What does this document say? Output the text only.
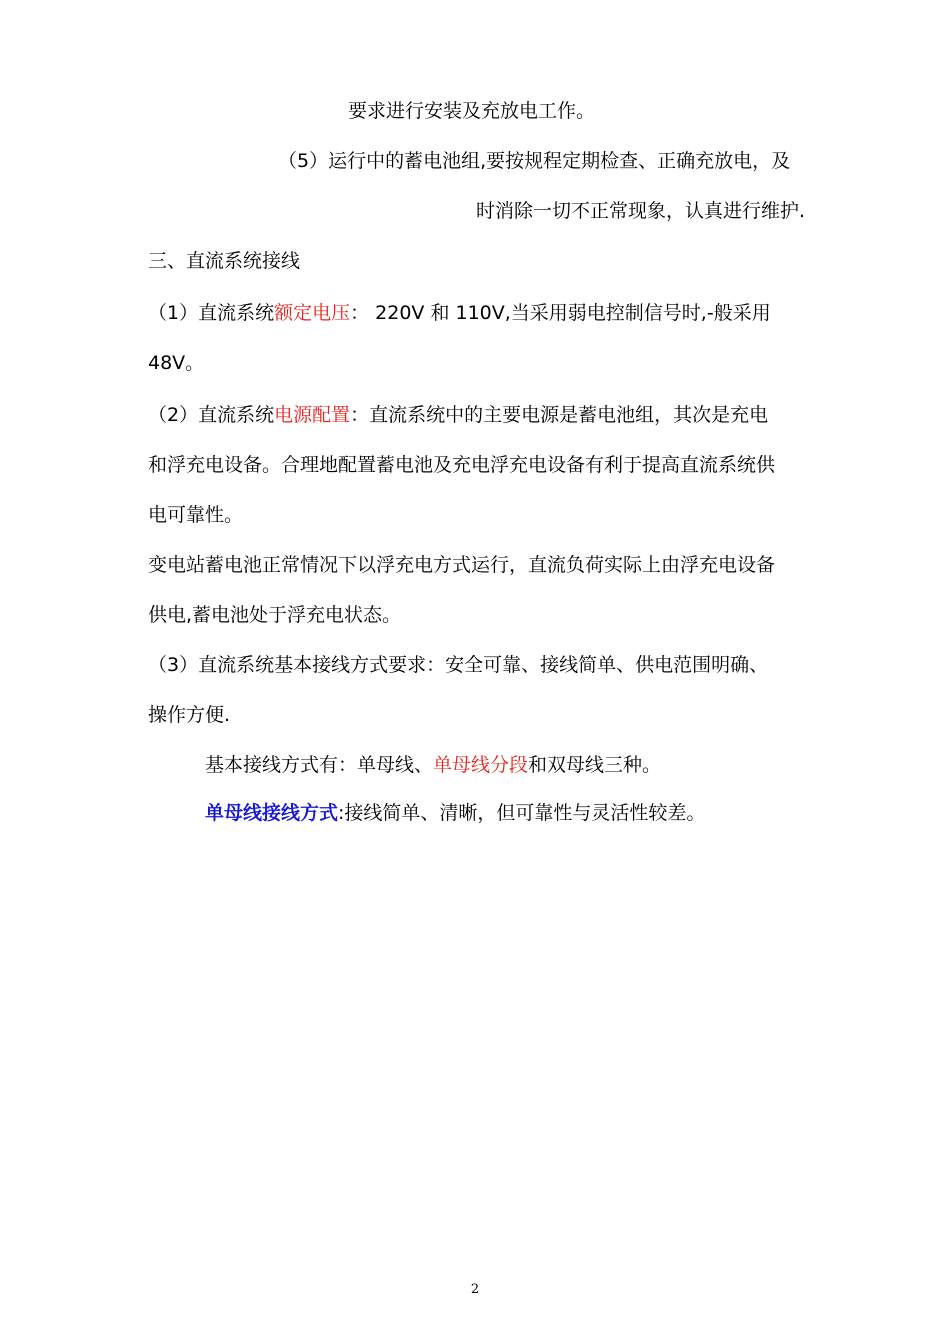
要求进行安装及充放电工作。
（5）运行中的蓄电池组,要按规程定期检查、正确充放电，及
时消除一切不正常现象，认真进行维护.
三、直流系统接线
（1）直流系统额定电压： 220V 和 110V,当采用弱电控制信号时,-般采用
48V。
（2）直流系统电源配置：直流系统中的主要电源是蓄电池组，其次是充电
和浮充电设备。合理地配置蓄电池及充电浮充电设备有利于提高直流系统供
电可靠性。
变电站蓄电池正常情况下以浮充电方式运行，直流负荷实际上由浮充电设备
供电,蓄电池处于浮充电状态。
（3）直流系统基本接线方式要求：安全可靠、接线简单、供电范围明确、
操作方便.
基本接线方式有：单母线、单母线分段和双母线三种。
单母线接线方式:接线简单、清晰，但可靠性与灵活性较差。
2
